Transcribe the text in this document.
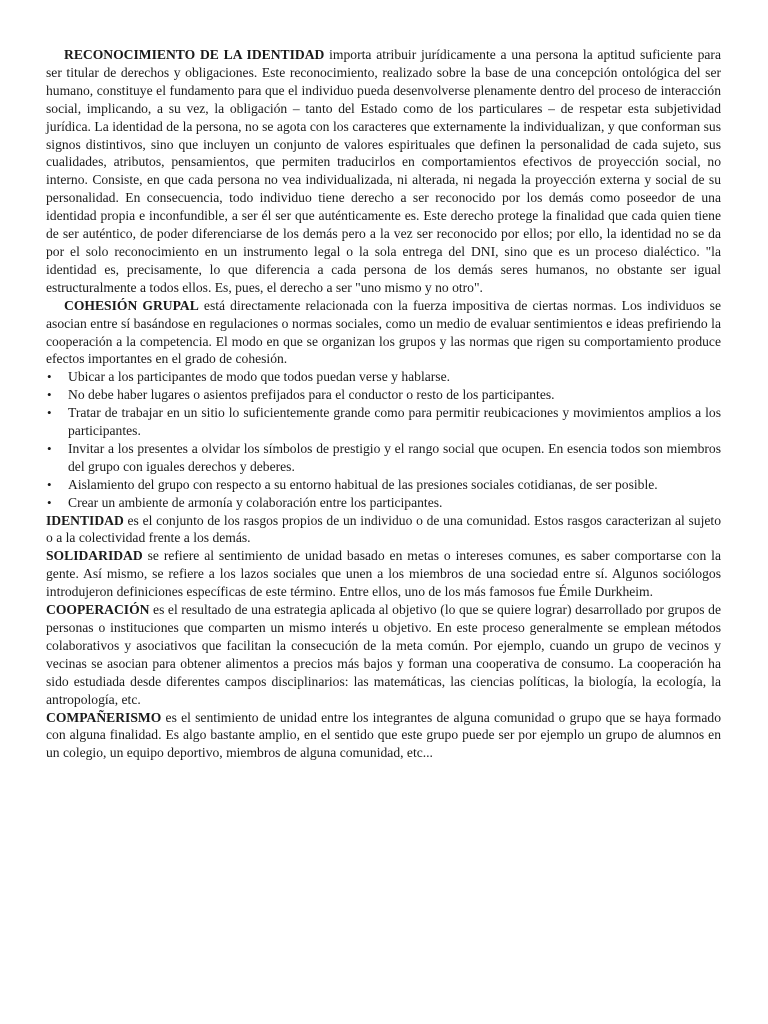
RECONOCIMIENTO DE LA IDENTIDAD importa atribuir jurídicamente a una persona la aptitud suficiente para ser titular de derechos y obligaciones. Este reconocimiento, realizado sobre la base de una concepción ontológica del ser humano, constituye el fundamento para que el individuo pueda desenvolverse plenamente dentro del proceso de interacción social, implicando, a su vez, la obligación – tanto del Estado como de los particulares – de respetar esta subjetividad jurídica. La identidad de la persona, no se agota con los caracteres que externamente la individualizan, y que conforman sus signos distintivos, sino que incluyen un conjunto de valores espirituales que definen la personalidad de cada sujeto, sus cualidades, atributos, pensamientos, que permiten traducirlos en comportamientos efectivos de proyección social, no interno. Consiste, en que cada persona no vea individualizada, ni alterada, ni negada la proyección externa y social de su personalidad. En consecuencia, todo individuo tiene derecho a ser reconocido por los demás como poseedor de una identidad propia e inconfundible, a ser él ser que auténticamente es. Este derecho protege la finalidad que cada quien tiene de ser auténtico, de poder diferenciarse de los demás pero a la vez ser reconocido por ellos; por ello, la identidad no se da por el solo reconocimiento en un instrumento legal o la sola entrega del DNI, sino que es un proceso dialéctico. "la identidad es, precisamente, lo que diferencia a cada persona de los demás seres humanos, no obstante ser igual estructuralmente a todos ellos. Es, pues, el derecho a ser "uno mismo y no otro".

COHESIÓN GRUPAL está directamente relacionada con la fuerza impositiva de ciertas normas. Los individuos se asocian entre sí basándose en regulaciones o normas sociales, como un medio de evaluar sentimientos e ideas prefiriendo la cooperación a la competencia. El modo en que se organizan los grupos y las normas que rigen su comportamiento produce efectos importantes en el grado de cohesión.

• Ubicar a los participantes de modo que todos puedan verse y hablarse.
• No debe haber lugares o asientos prefijados para el conductor o resto de los participantes.
• Tratar de trabajar en un sitio lo suficientemente grande como para permitir reubicaciones y movimientos amplios a los participantes.
• Invitar a los presentes a olvidar los símbolos de prestigio y el rango social que ocupen. En esencia todos son miembros del grupo con iguales derechos y deberes.
• Aislamiento del grupo con respecto a su entorno habitual de las presiones sociales cotidianas, de ser posible.
• Crear un ambiente de armonía y colaboración entre los participantes.

IDENTIDAD es el conjunto de los rasgos propios de un individuo o de una comunidad. Estos rasgos caracterizan al sujeto o a la colectividad frente a los demás.

SOLIDARIDAD se refiere al sentimiento de unidad basado en metas o intereses comunes, es saber comportarse con la gente. Así mismo, se refiere a los lazos sociales que unen a los miembros de una sociedad entre sí. Algunos sociólogos introdujeron definiciones específicas de este término. Entre ellos, uno de los más famosos fue Émile Durkheim.

COOPERACIÓN es el resultado de una estrategia aplicada al objetivo (lo que se quiere lograr) desarrollado por grupos de personas o instituciones que comparten un mismo interés u objetivo. En este proceso generalmente se emplean métodos colaborativos y asociativos que facilitan la consecución de la meta común. Por ejemplo, cuando un grupo de vecinos y vecinas se asocian para obtener alimentos a precios más bajos y forman una cooperativa de consumo. La cooperación ha sido estudiada desde diferentes campos disciplinarios: las matemáticas, las ciencias políticas, la biología, la ecología, la antropología, etc.

COMPAÑERISMO es el sentimiento de unidad entre los integrantes de alguna comunidad o grupo que se haya formado con alguna finalidad. Es algo bastante amplio, en el sentido que este grupo puede ser por ejemplo un grupo de alumnos en un colegio, un equipo deportivo, miembros de alguna comunidad, etc...
